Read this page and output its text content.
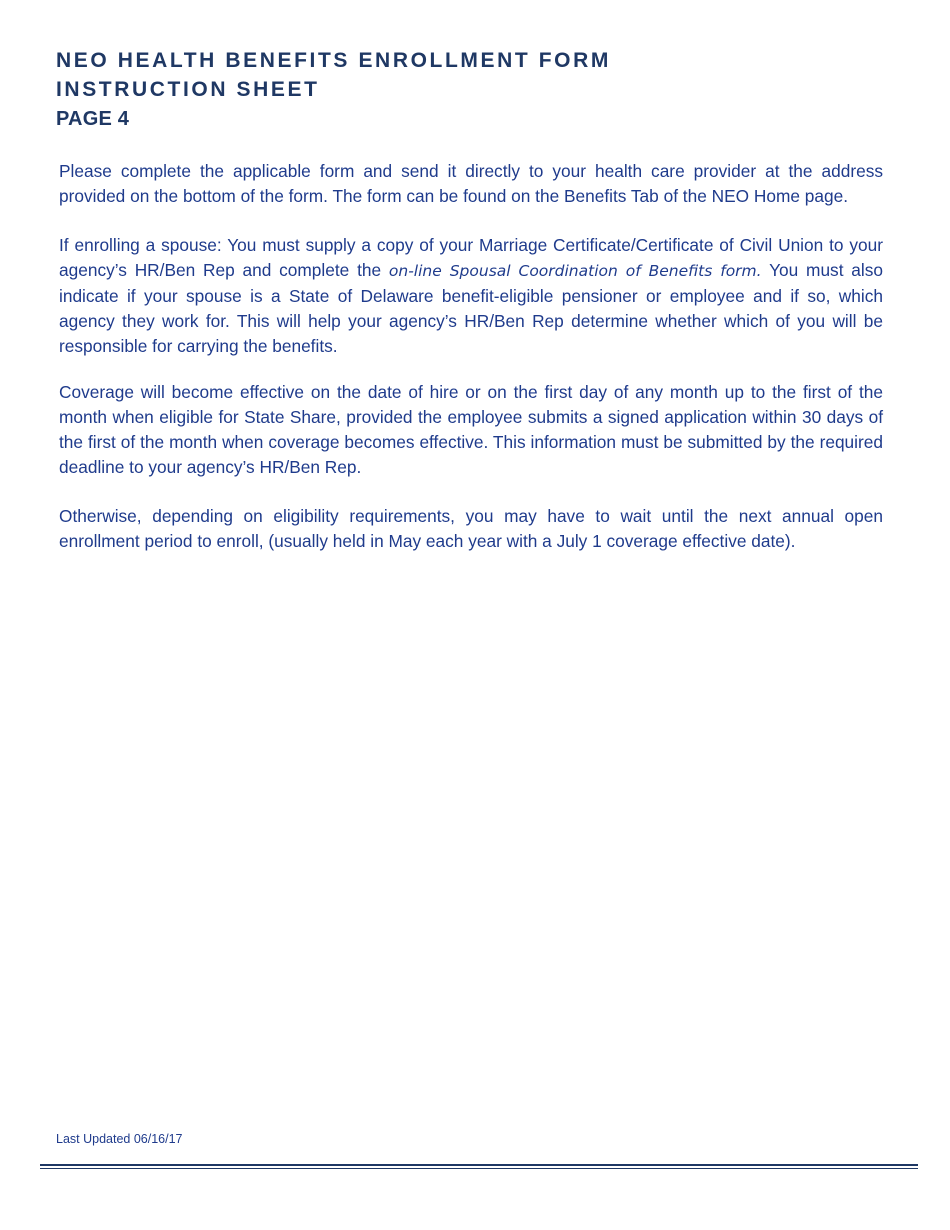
NEO HEALTH BENEFITS ENROLLMENT FORM
INSTRUCTION SHEET
PAGE 4

Please complete the applicable form and send it directly to your health care provider at the address provided on the bottom of the form. The form can be found on the Benefits Tab of the NEO Home page.

If enrolling a spouse: You must supply a copy of your Marriage Certificate/Certificate of Civil Union to your agency’s HR/Ben Rep and complete the on-line Spousal Coordination of Benefits form. You must also indicate if your spouse is a State of Delaware benefit-eligible pensioner or employee and if so, which agency they work for. This will help your agency’s HR/Ben Rep determine whether which of you will be responsible for carrying the benefits.

Coverage will become effective on the date of hire or on the first day of any month up to the first of the month when eligible for State Share, provided the employee submits a signed application within 30 days of the first of the month when coverage becomes effective. This information must be submitted by the required deadline to your agency’s HR/Ben Rep.

Otherwise, depending on eligibility requirements, you may have to wait until the next annual open enrollment period to enroll, (usually held in May each year with a July 1 coverage effective date).

Last Updated 06/16/17
